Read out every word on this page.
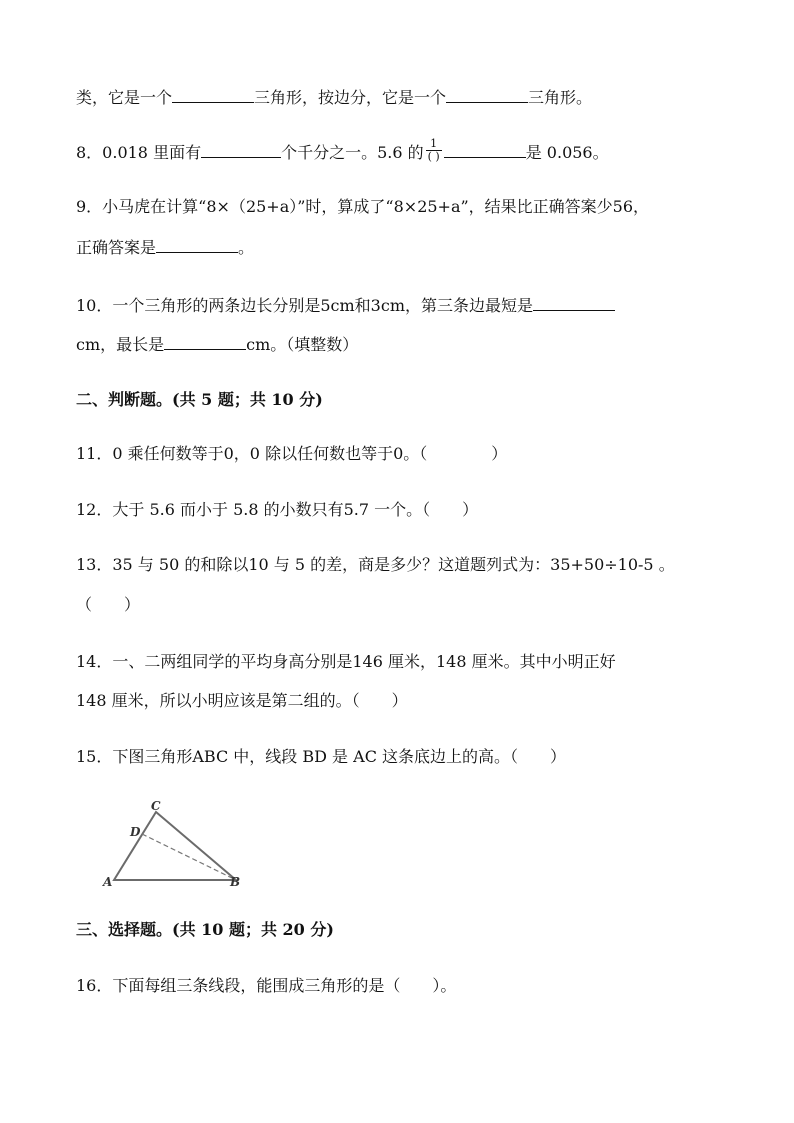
类，它是一个	三角形，按边分，它是一个	三角形。
8．0.018 里面有	个千分之一。5.6 的 $\frac{1}{( )}$	是 0.056。
9．小马虎在计算“8×（25+a）”时，算成了“8×25+a”，结果比正确答案少56，
正确答案是	。
10．一个三角形的两条边长分别是5cm和3cm，第三条边最短是
cm，最长是	cm。（填整数）
二、判断题。(共 5 题；共 10 分)
11．0 乘任何数等于0，0 除以任何数也等于0。（　　　　）
12．大于 5.6 而小于 5.8 的小数只有5.7 一个。（　　）
13．35 与 50 的和除以10 与 5 的差，商是多少？这道题列式为：35+50÷10-5 。
（　　）
14．一、二两组同学的平均身高分别是146 厘米，148 厘米。其中小明正好
148 厘米，所以小明应该是第二组的。（　　）
15．下图三角形ABC 中，线段 BD 是 AC 这条底边上的高。（　　）
C
D
A	B
三、选择题。(共 10 题；共 20 分)
16．下面每组三条线段，能围成三角形的是（　　）。
